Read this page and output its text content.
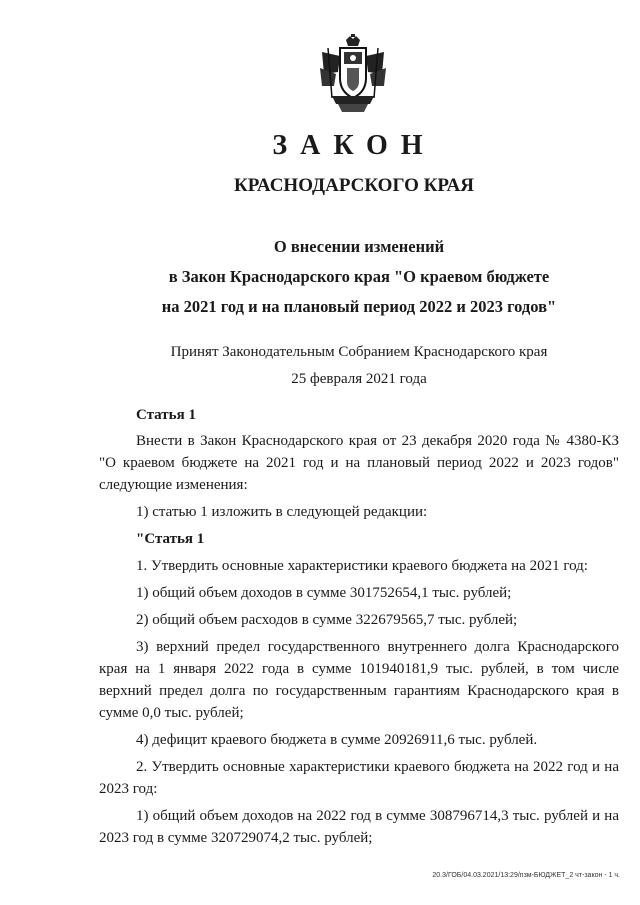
ЗАКОН
КРАСНОДАРСКОГО КРАЯ
О внесении изменений
в Закон Краснодарского края "О краевом бюджете
на 2021 год и на плановый период 2022 и 2023 годов"
Принят Законодательным Собранием Краснодарского края
25 февраля 2021 года
Статья 1

Внести в Закон Краснодарского края от 23 декабря 2020 года № 4380-КЗ "О краевом бюджете на 2021 год и на плановый период 2022 и 2023 годов" следующие изменения:

1) статью 1 изложить в следующей редакции:

"Статья 1

1. Утвердить основные характеристики краевого бюджета на 2021 год:

1) общий объем доходов в сумме 301752654,1 тыс. рублей;

2) общий объем расходов в сумме 322679565,7 тыс. рублей;

3) верхний предел государственного внутреннего долга Краснодарского края на 1 января 2022 года в сумме 101940181,9 тыс. рублей, в том числе верхний предел долга по государственным гарантиям Краснодарского края в сумме 0,0 тыс. рублей;

4) дефицит краевого бюджета в сумме 20926911,6 тыс. рублей.

2. Утвердить основные характеристики краевого бюджета на 2022 год и на 2023 год:

1) общий объем доходов на 2022 год в сумме 308796714,3 тыс. рублей и на 2023 год в сумме 320729074,2 тыс. рублей;

20.3/ГОБ/04.03.2021/13:29/пзм-БЮДЖЕТ_2 чт-закон - 1 ч.
